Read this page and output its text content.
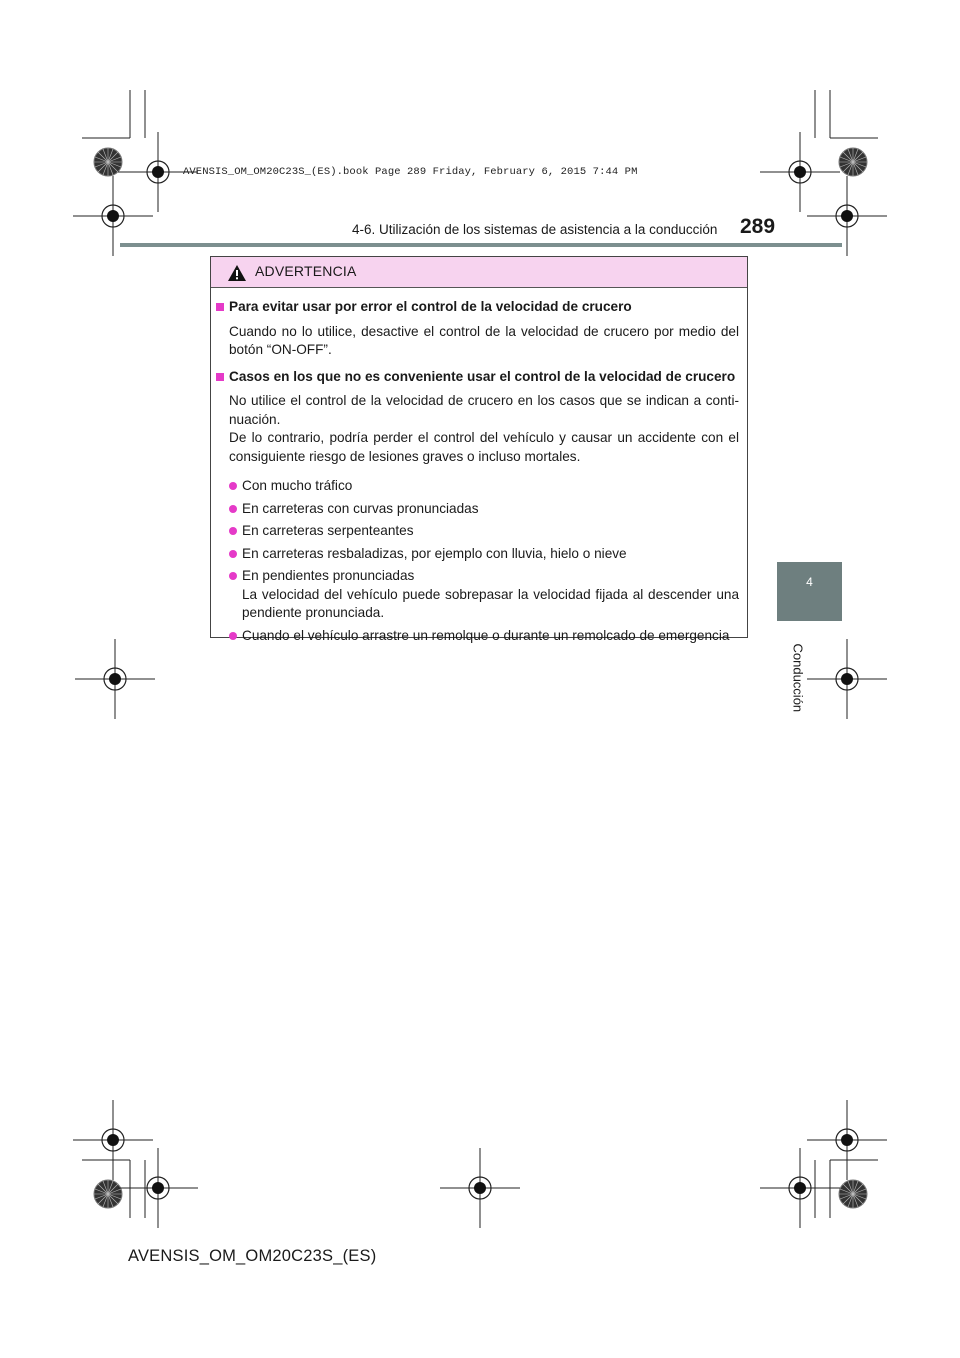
AVENSIS_OM_OM20C23S_(ES).book Page 289 Friday, February 6, 2015 7:44 PM
4-6. Utilización de los sistemas de asistencia a la conducción 289
4
Conducción
ADVERTENCIA
Para evitar usar por error el control de la velocidad de crucero
Cuando no lo utilice, desactive el control de la velocidad de crucero por medio del botón “ON-OFF”.
Casos en los que no es conveniente usar el control de la velocidad de crucero
No utilice el control de la velocidad de crucero en los casos que se indican a conti-nuación.
De lo contrario, podría perder el control del vehículo y causar un accidente con el consiguiente riesgo de lesiones graves o incluso mortales.
Con mucho tráfico
En carreteras con curvas pronunciadas
En carreteras serpenteantes
En carreteras resbaladizas, por ejemplo con lluvia, hielo o nieve
En pendientes pronunciadas
La velocidad del vehículo puede sobrepasar la velocidad fijada al descender una pendiente pronunciada.
Cuando el vehículo arrastre un remolque o durante un remolcado de emergencia
AVENSIS_OM_OM20C23S_(ES)
